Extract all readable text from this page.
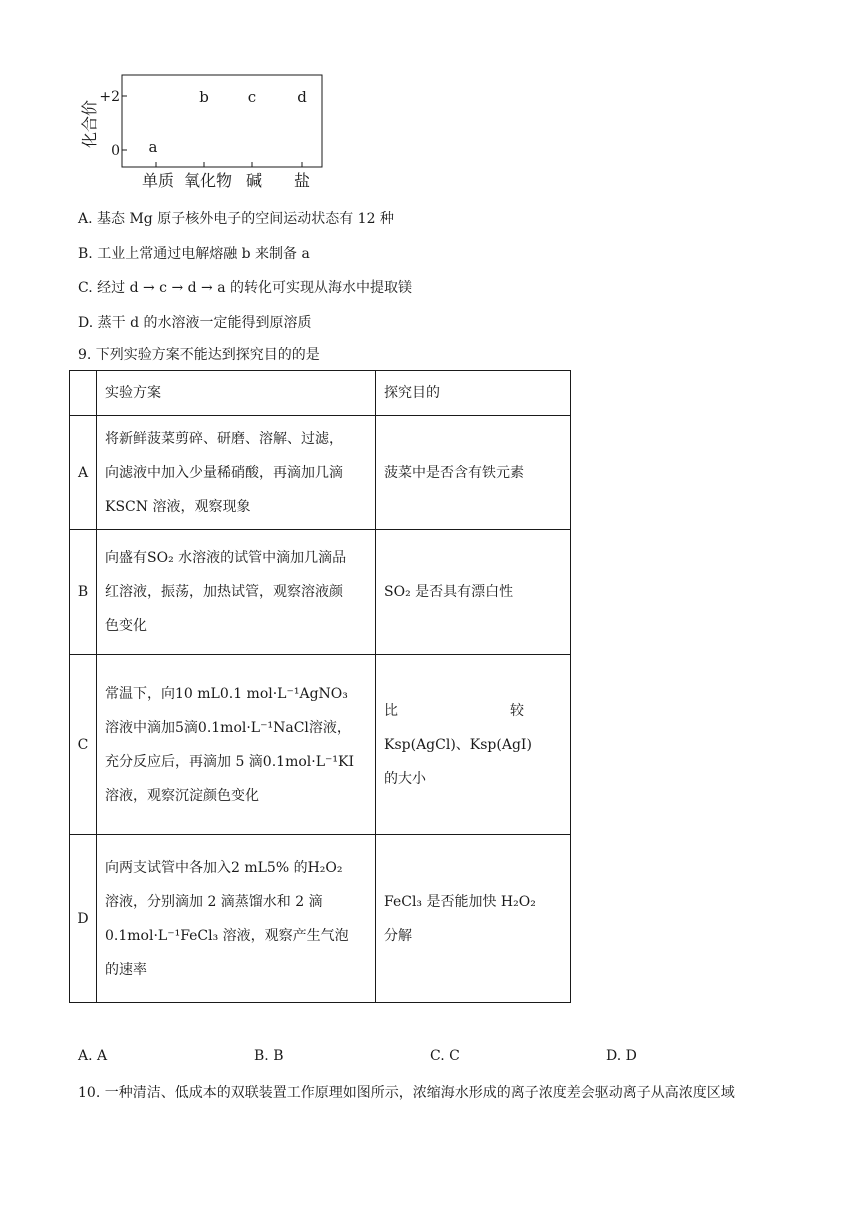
化合价
+2
0
单质 氧化物 碱 盐
a
b	c	d
A. 基态 Mg 原子核外电子的空间运动状态有 12 种
B. 工业上常通过电解熔融 b 来制备 a
C. 经过 d → c → d → a 的转化可实现从海水中提取镁
D. 蒸干 d 的水溶液一定能得到原溶质
9. 下列实验方案不能达到探究目的的是
	实验方案	探究目的
A	将新鲜菠菜剪碎、研磨、溶解、过滤，
向滤液中加入少量稀硝酸，再滴加几滴
KSCN 溶液，观察现象	菠菜中是否含有铁元素
B	向盛有SO₂ 水溶液的试管中滴加几滴品
红溶液，振荡，加热试管，观察溶液颜
色变化	SO₂ 是否具有漂白性
C	常温下，向10 mL0.1 mol·L⁻¹AgNO₃
溶液中滴加5滴0.1mol·L⁻¹NaCl溶液，
充分反应后，再滴加 5 滴0.1mol·L⁻¹KI
溶液，观察沉淀颜色变化	比　　　　　　　　较
Ksp(AgCl)、Ksp(AgI)
的大小

D	向两支试管中各加入2 mL5% 的H₂O₂
溶液，分别滴加 2 滴蒸馏水和 2 滴
0.1mol·L⁻¹FeCl₃ 溶液，观察产生气泡
的速率	FeCl₃ 是否能加快 H₂O₂
分解
A. A	B. B	C. C	D. D
10. 一种清洁、低成本的双联装置工作原理如图所示，浓缩海水形成的离子浓度差会驱动离子从高浓度区域
